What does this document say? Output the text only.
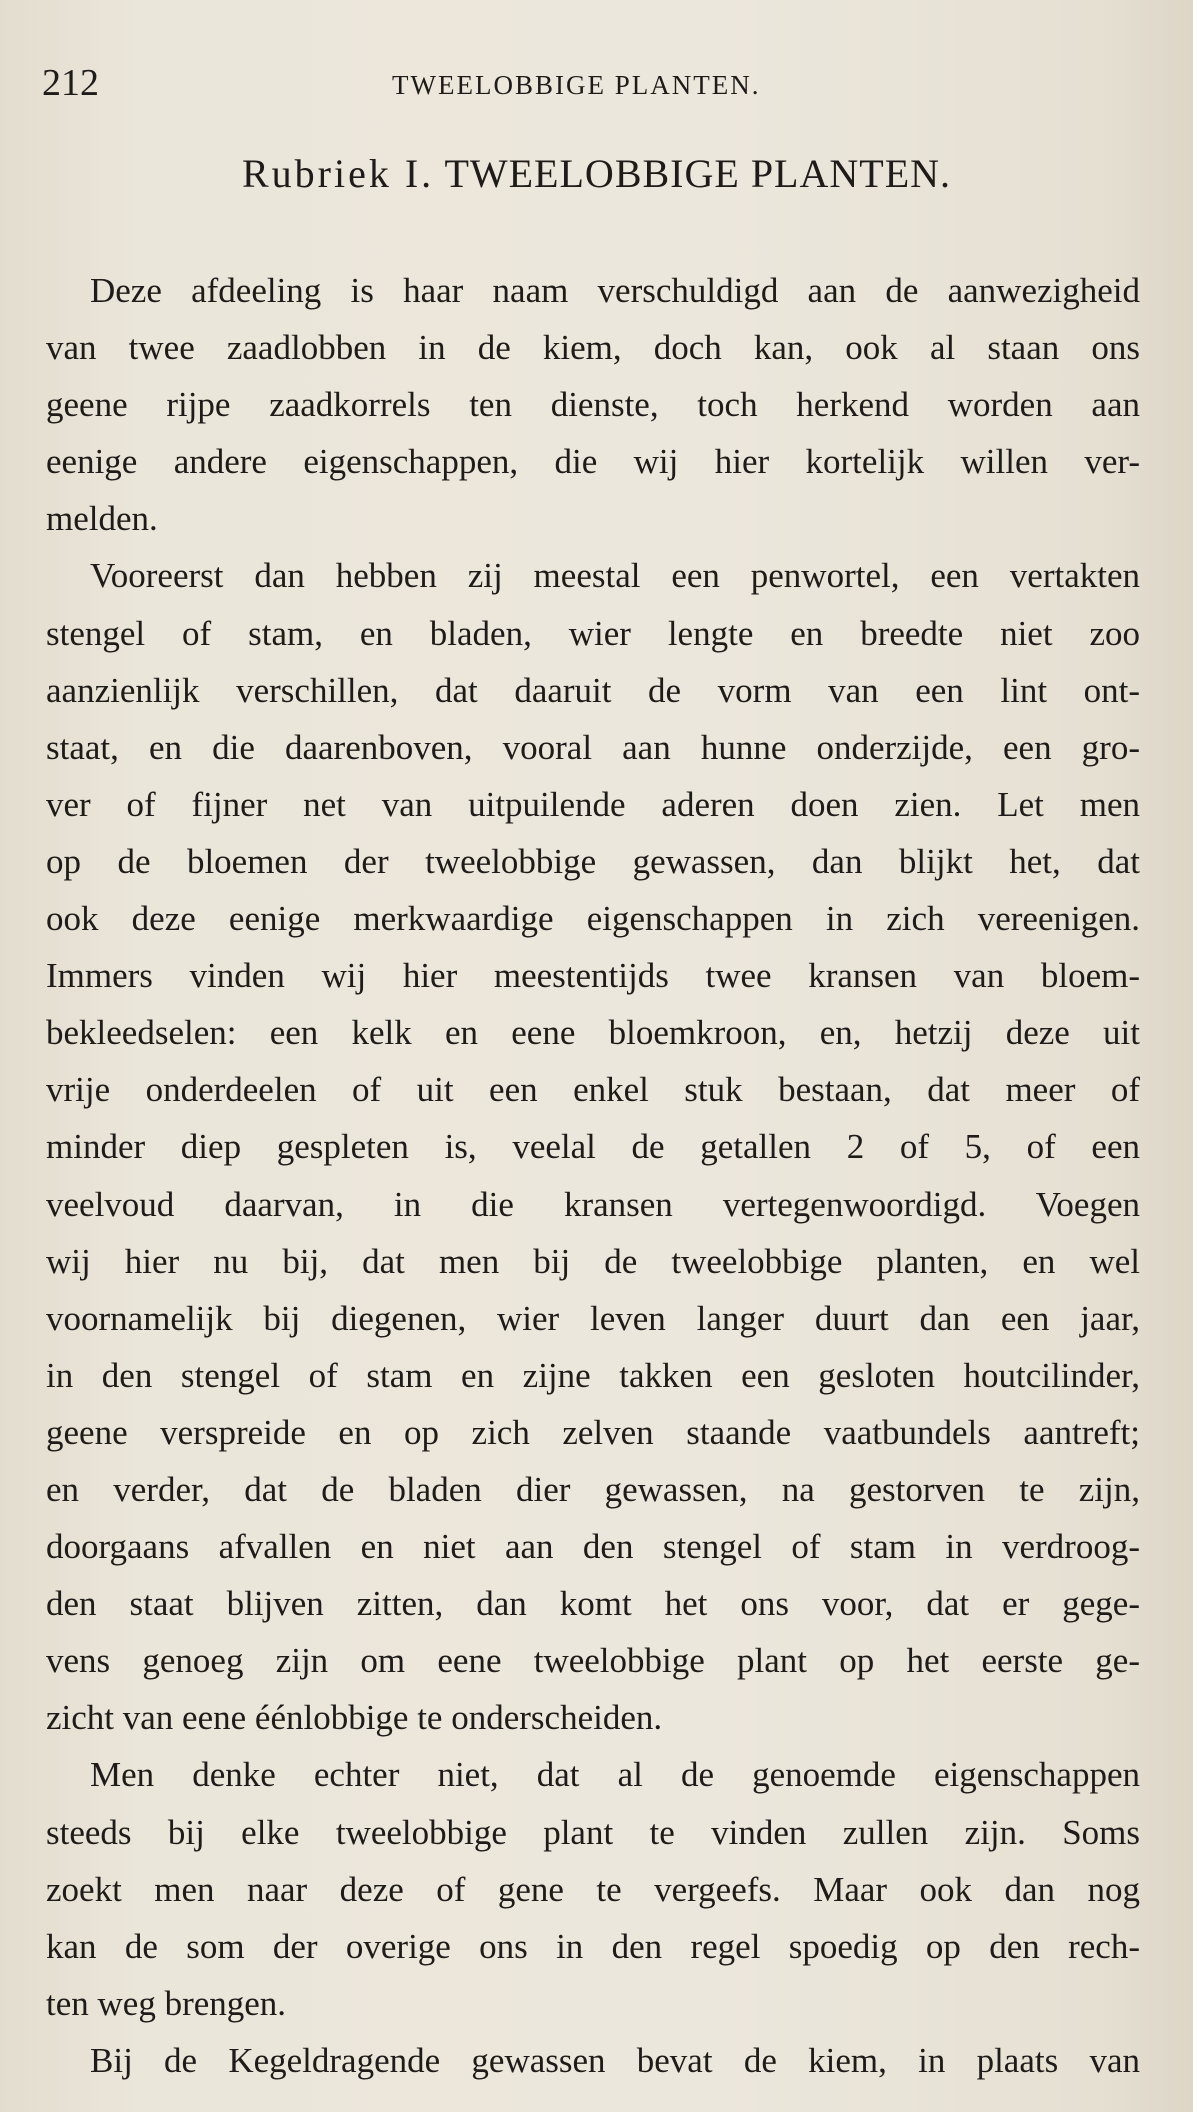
212	TWEELOBBIGE PLANTEN.
Rubriek I. TWEELOBBIGE PLANTEN.
Deze afdeeling is haar naam verschuldigd aan de aanwezigheid
van twee zaadlobben in de kiem, doch kan, ook al staan ons
geene rijpe zaadkorrels ten dienste, toch herkend worden aan
eenige andere eigenschappen, die wij hier kortelijk willen ver-
melden.
Vooreerst dan hebben zij meestal een penwortel, een vertakten
stengel of stam, en bladen, wier lengte en breedte niet zoo
aanzienlijk verschillen, dat daaruit de vorm van een lint ont-
staat, en die daarenboven, vooral aan hunne onderzijde, een gro-
ver of fijner net van uitpuilende aderen doen zien. Let men
op de bloemen der tweelobbige gewassen, dan blijkt het, dat
ook deze eenige merkwaardige eigenschappen in zich vereenigen.
Immers vinden wij hier meestentijds twee kransen van bloem-
bekleedselen: een kelk en eene bloemkroon, en, hetzij deze uit
vrije onderdeelen of uit een enkel stuk bestaan, dat meer of
minder diep gespleten is, veelal de getallen 2 of 5, of een
veelvoud daarvan, in die kransen vertegenwoordigd. Voegen
wij hier nu bij, dat men bij de tweelobbige planten, en wel
voornamelijk bij diegenen, wier leven langer duurt dan een jaar,
in den stengel of stam en zijne takken een gesloten houtcilinder,
geene verspreide en op zich zelven staande vaatbundels aantreft;
en verder, dat de bladen dier gewassen, na gestorven te zijn,
doorgaans afvallen en niet aan den stengel of stam in verdroog-
den staat blijven zitten, dan komt het ons voor, dat er gege-
vens genoeg zijn om eene tweelobbige plant op het eerste ge-
zicht van eene éénlobbige te onderscheiden.
Men denke echter niet, dat al de genoemde eigenschappen
steeds bij elke tweelobbige plant te vinden zullen zijn. Soms
zoekt men naar deze of gene te vergeefs. Maar ook dan nog
kan de som der overige ons in den regel spoedig op den rech-
ten weg brengen.
Bij de Kegeldragende gewassen bevat de kiem, in plaats van
